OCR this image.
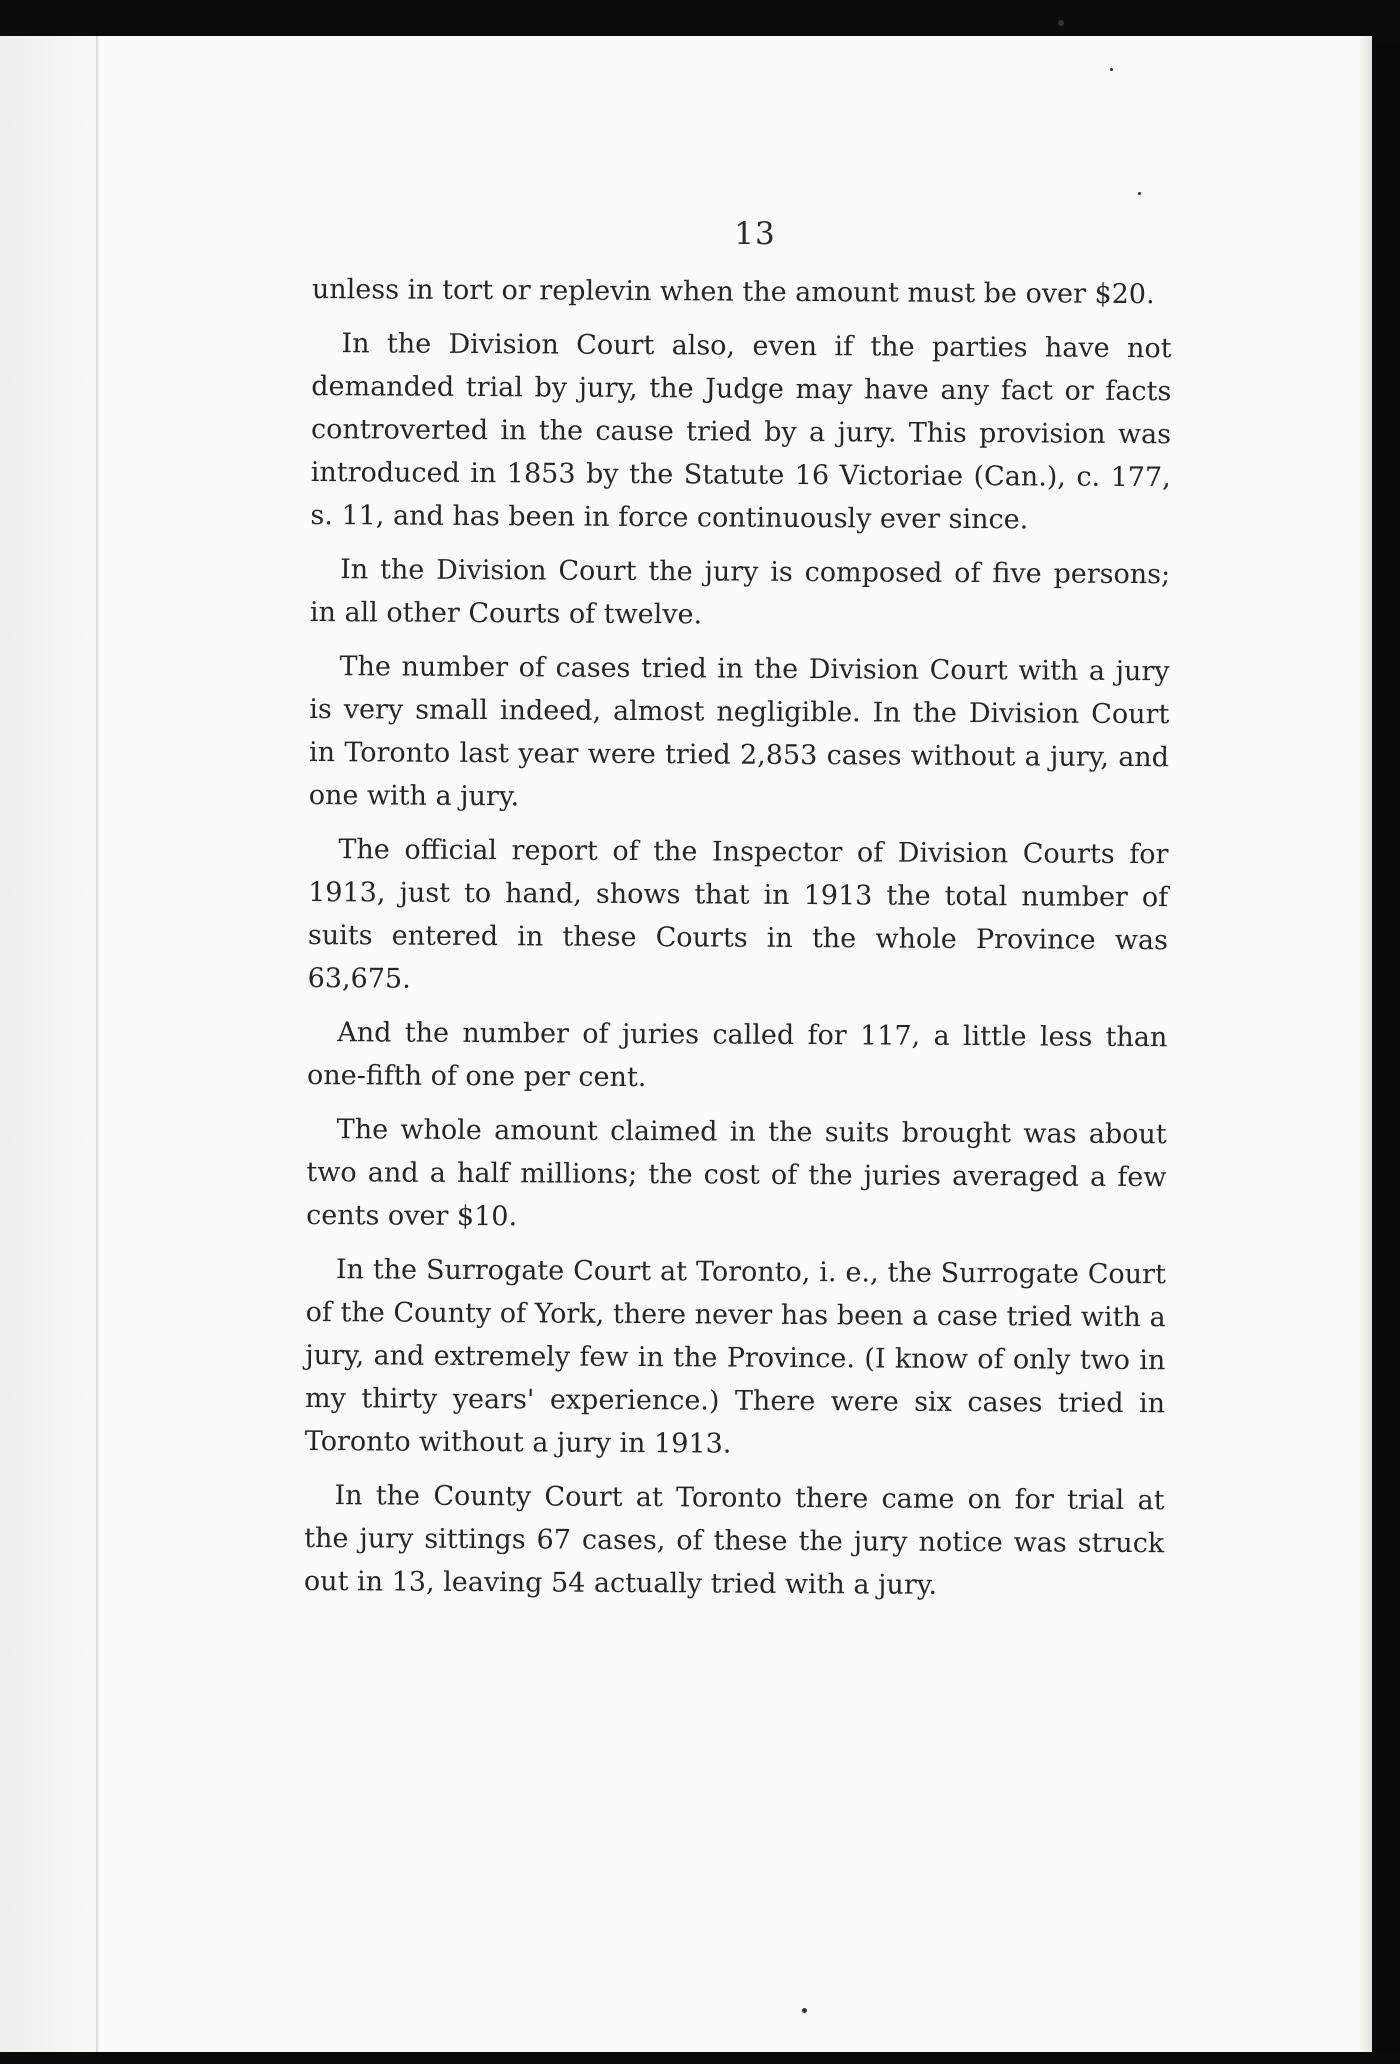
13

unless in tort or replevin when the amount must be over $20.

In the Division Court also, even if the parties have not demanded trial by jury, the Judge may have any fact or facts controverted in the cause tried by a jury. This provision was introduced in 1853 by the Statute 16 Victoriae (Can.), c. 177, s. 11, and has been in force continuously ever since.

In the Division Court the jury is composed of five persons; in all other Courts of twelve.

The number of cases tried in the Division Court with a jury is very small indeed, almost negligible. In the Division Court in Toronto last year were tried 2,853 cases without a jury, and one with a jury.

The official report of the Inspector of Division Courts for 1913, just to hand, shows that in 1913 the total number of suits entered in these Courts in the whole Province was 63,675.

And the number of juries called for 117, a little less than one-fifth of one per cent.

The whole amount claimed in the suits brought was about two and a half millions; the cost of the juries averaged a few cents over $10.

In the Surrogate Court at Toronto, i. e., the Surrogate Court of the County of York, there never has been a case tried with a jury, and extremely few in the Province. (I know of only two in my thirty years' experience.) There were six cases tried in Toronto without a jury in 1913.

In the County Court at Toronto there came on for trial at the jury sittings 67 cases, of these the jury notice was struck out in 13, leaving 54 actually tried with a jury.
